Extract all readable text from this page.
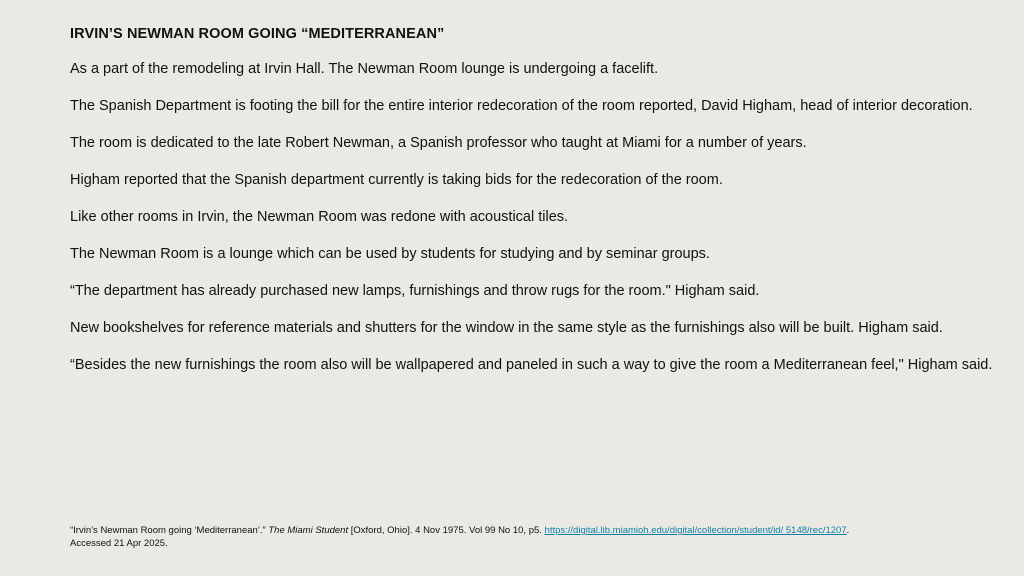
IRVIN’S NEWMAN ROOM GOING “MEDITERRANEAN”

As a part of the remodeling at Irvin Hall. The Newman Room lounge is undergoing a facelift.

The Spanish Department is footing the bill for the entire interior redecoration of the room reported, David Higham, head of interior decoration.

The room is dedicated to the late Robert Newman, a Spanish professor who taught at Miami for a number of years.

Higham reported that the Spanish department currently is taking bids for the redecoration of the room.

Like other rooms in Irvin, the Newman Room was redone with acoustical tiles.

The Newman Room is a lounge which can be used by students for studying and by seminar groups.

“The department has already purchased new lamps, furnishings and throw rugs for the room." Higham said.

New bookshelves for reference materials and shutters for the window in the same style as the furnishings also will be built. Higham said.

“Besides the new furnishings the room also will be wallpapered and paneled in such a way to give the room a Mediterranean feel," Higham said.

“Irvin’s Newman Room going ‘Mediterranean’.” The Miami Student [Oxford, Ohio]. 4 Nov 1975. Vol 99 No 10, p5. https://digital.lib.miamioh.edu/digital/collection/student/id/ 5148/rec/1207.
Accessed 21 Apr 2025.
